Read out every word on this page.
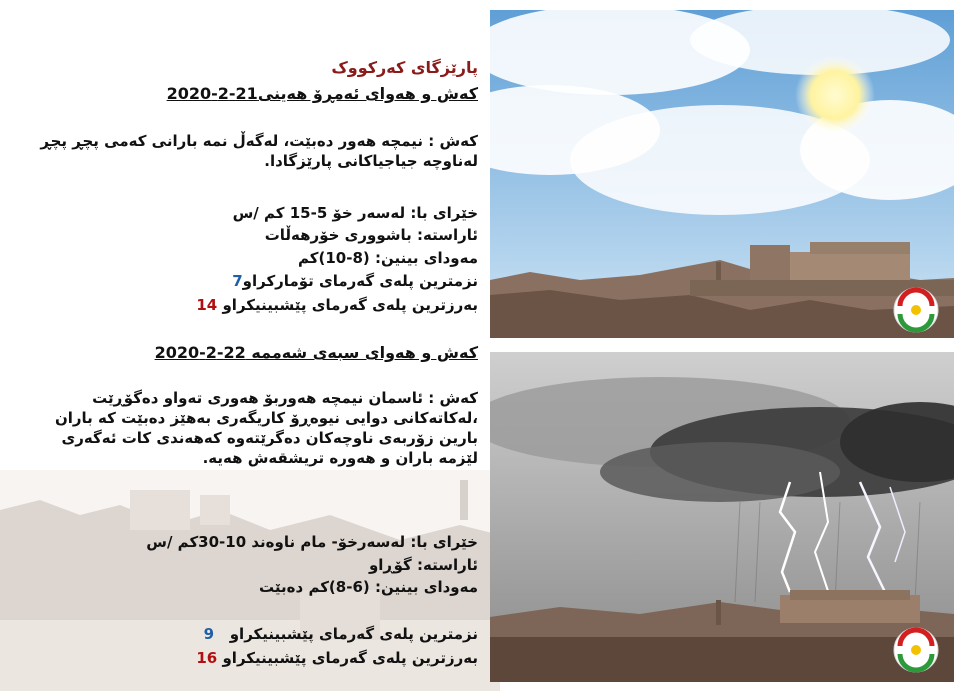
پارێزگای کەرکووک
کەش و هەوای ئەمڕۆ هەینی21-2-2020
کەش : نیمچە هەور دەبێت، لەگەڵ نمە بارانی کەمی پچڕ پچڕ لەناوچە جیاجیاکانی پارێزگادا.
خێرای با: لەسەر خۆ 5-15 کم /س
ئاراستە: باشووری خۆرهەڵات
مەودای بینین: (8-10)کم
نزمترین پلەی گەرمای تۆمارکراو7
بەرزترین پلەی گەرمای پێشبینیکراو 14
کەش و هەوای سبەی شەممە 22-2-2020
کەش : ئاسمان نیمچە هەوربۆ هەوری تەواو دەگۆڕێت ،لەکاتەکانی دوایی نیوەڕۆ کاریگەری بەهێز دەبێت کە باران بارین زۆربەی ناوچەکان دەگرێتەوە کەهەندی کات ئەگەری لێزمە باران و هەورە تریشقەش هەیە.
خێرای با: لەسەرخۆ- مام ناوەند 10-30کم /س
ئاراستە: گۆڕاو
مەودای بینین: (6-8)کم دەبێت
نزمترین پلەی گەرمای پێشبینیکراو   9
بەرزترین پلەی گەرمای پێشبینیکراو 16
